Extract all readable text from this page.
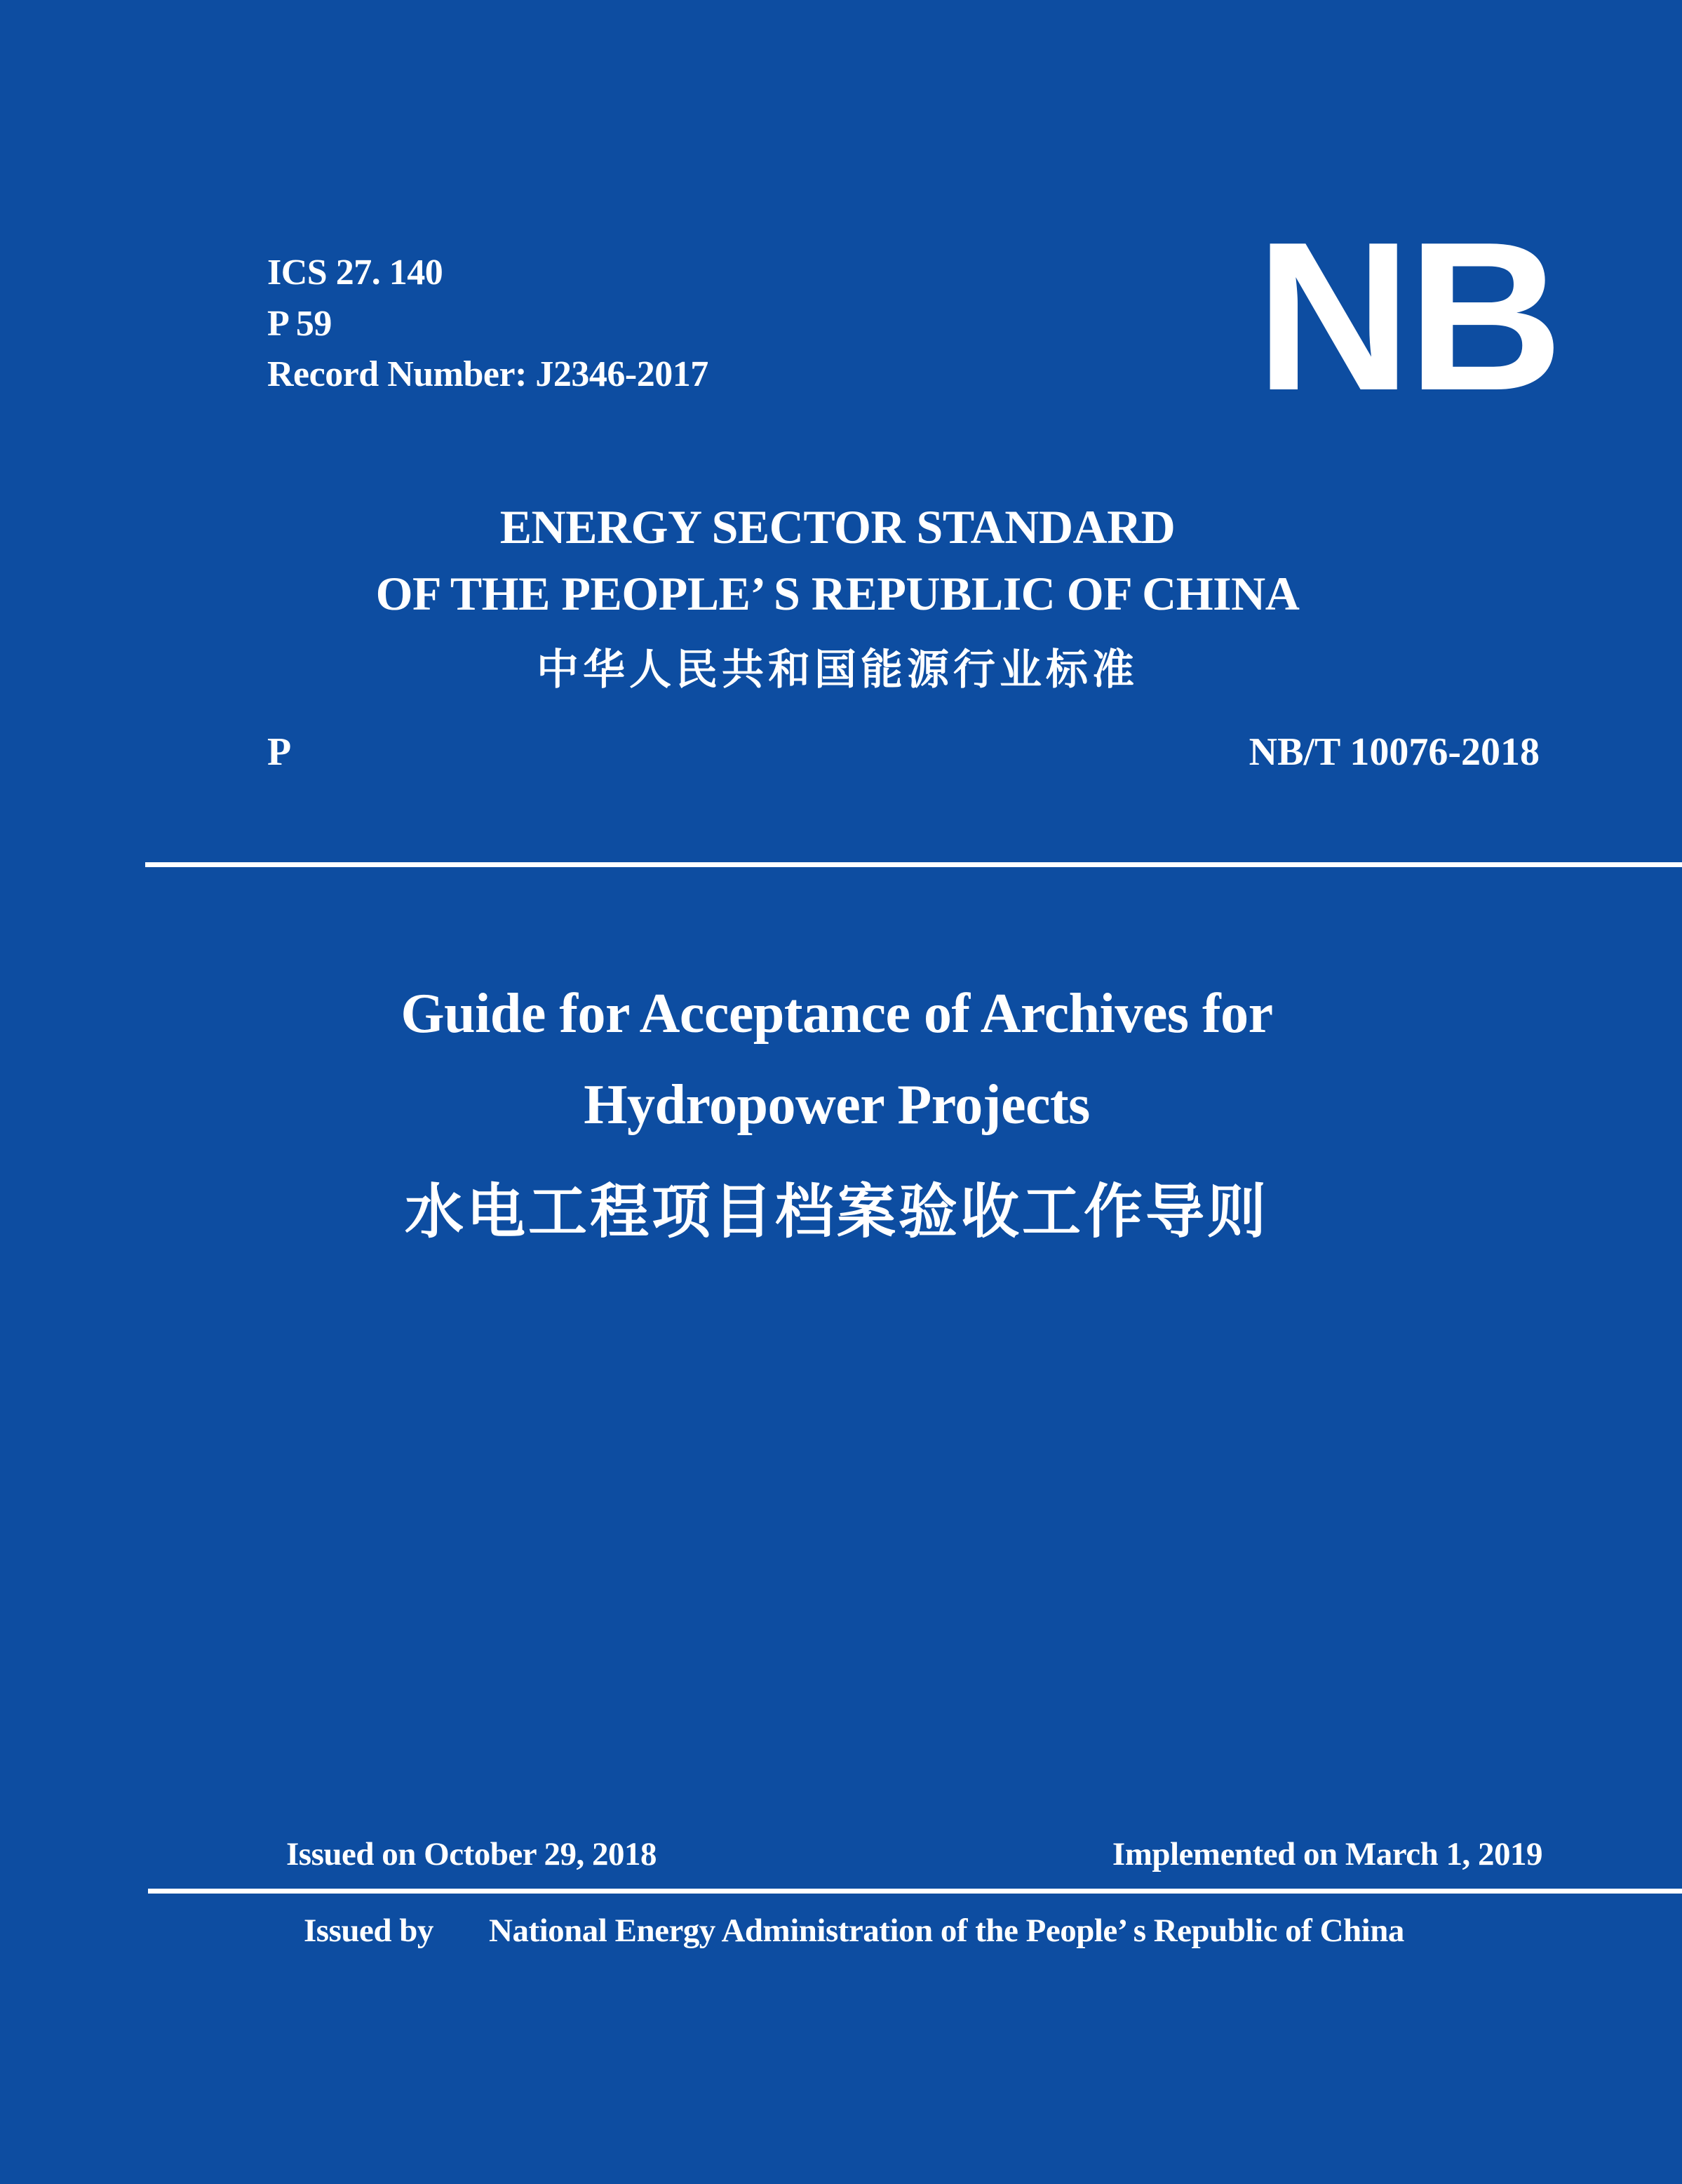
ICS 27. 140
P 59
Record Number: J2346-2017	NB
ENERGY SECTOR STANDARD
OF THE PEOPLE’ S REPUBLIC OF CHINA
中华人民共和国能源行业标准
P	NB/T 10076-2018
Guide for Acceptance of Archives for
Hydropower Projects
水电工程项目档案验收工作导则
Issued on October 29, 2018	Implemented on March 1, 2019
Issued by National Energy Administration of the People’ s Republic of China
